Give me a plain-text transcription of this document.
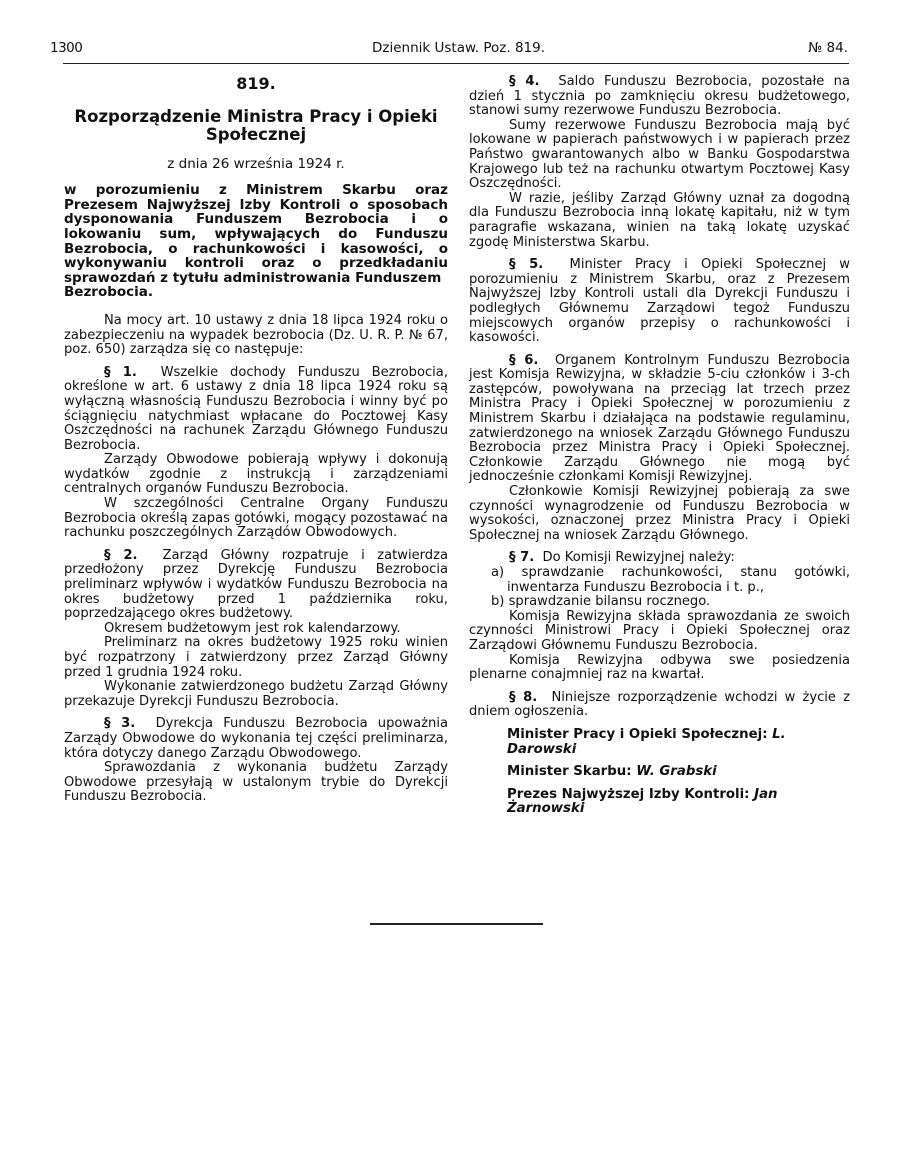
1300	Dziennik Ustaw. Poz. 819.	№ 84.
819.
Rozporządzenie Ministra Pracy i Opieki Społecznej
z dnia 26 września 1924 r.

w porozumieniu z Ministrem Skarbu oraz Prezesem Najwyższej Izby Kontroli o sposobach dysponowania Funduszem Bezrobocia i o lokowaniu sum, wpływających do Funduszu Bezrobocia, o rachunkowości i kasowości, o wykonywaniu kontroli oraz o przedkładaniu sprawozdań z tytułu administrowania Funduszem

Bezrobocia.

Na mocy art. 10 ustawy z dnia 18 lipca 1924 roku o zabezpieczeniu na wypadek bezrobocia (Dz. U. R. P. № 67, poz. 650) zarządza się co następuje:

§ 1. Wszelkie dochody Funduszu Bezrobocia, określone w art. 6 ustawy z dnia 18 lipca 1924 roku są wyłączną własnością Funduszu Bezrobocia i winny być po ściągnięciu natychmiast wpłacane do Pocztowej Kasy Oszczędności na rachunek Zarządu Głównego Funduszu Bezrobocia.

Zarządy Obwodowe pobierają wpływy i dokonują wydatków zgodnie z instrukcją i zarządzeniami centralnych organów Funduszu Bezrobocia.

W szczególności Centralne Organy Funduszu Bezrobocia określą zapas gotówki, mogący pozostawać na rachunku poszczególnych Zarządów Obwodowych.

§ 2. Zarząd Główny rozpatruje i zatwierdza przedłożony przez Dyrekcję Funduszu Bezrobocia preliminarz wpływów i wydatków Funduszu Bezrobocia na okres budżetowy przed 1 października roku, poprzedzającego okres budżetowy.

Okresem budżetowym jest rok kalendarzowy.

Preliminarz na okres budżetowy 1925 roku winien być rozpatrzony i zatwierdzony przez Zarząd Główny przed 1 grudnia 1924 roku.

Wykonanie zatwierdzonego budżetu Zarząd Główny przekazuje Dyrekcji Funduszu Bezrobocia.

§ 3. Dyrekcja Funduszu Bezrobocia upoważnia Zarządy Obwodowe do wykonania tej części preliminarza, która dotyczy danego Zarządu Obwodowego.

Sprawozdania z wykonania budżetu Zarządy Obwodowe przesyłają w ustalonym trybie do Dyrekcji Funduszu Bezrobocia.

§ 4. Saldo Funduszu Bezrobocia, pozostałe na dzień 1 stycznia po zamknięciu okresu budżetowego, stanowi sumy rezerwowe Funduszu Bezrobocia.

Sumy rezerwowe Funduszu Bezrobocia mają być lokowane w papierach państwowych i w papierach przez Państwo gwarantowanych albo w Banku Gospodarstwa Krajowego lub też na rachunku otwartym Pocztowej Kasy Oszczędności.

W razie, jeśliby Zarząd Główny uznał za dogodną dla Funduszu Bezrobocia inną lokatę kapitału, niż w tym paragrafie wskazana, winien na taką lokatę uzyskać zgodę Ministerstwa Skarbu.

§ 5. Minister Pracy i Opieki Społecznej w porozumieniu z Ministrem Skarbu, oraz z Prezesem Najwyższej Izby Kontroli ustali dla Dyrekcji Funduszu i podległych Głównemu Zarządowi tegoż Funduszu miejscowych organów przepisy o rachunkowości i kasowości.

§ 6. Organem Kontrolnym Funduszu Bezrobocia jest Komisja Rewizyjna, w składzie 5-ciu członków i 3-ch zastępców, powoływana na przeciąg lat trzech przez Ministra Pracy i Opieki Społecznej w porozumieniu z Ministrem Skarbu i działająca na podstawie regulaminu, zatwierdzonego na wniosek Zarządu Głównego Funduszu Bezrobocia przez Ministra Pracy i Opieki Społecznej. Członkowie Zarządu Głównego nie mogą być jednocześnie członkami Komisji Rewizyjnej.

Członkowie Komisji Rewizyjnej pobierają za swe czynności wynagrodzenie od Funduszu Bezrobocia w wysokości, oznaczonej przez Ministra Pracy i Opieki Społecznej na wniosek Zarządu Głównego.

§ 7. Do Komisji Rewizyjnej należy:

a) sprawdzanie rachunkowości, stanu gotówki, inwentarza Funduszu Bezrobocia i t. p.,

b) sprawdzanie bilansu rocznego.

Komisja Rewizyjna składa sprawozdania ze swoich czynności Ministrowi Pracy i Opieki Społecznej oraz Zarządowi Głównemu Funduszu Bezrobocia.

Komisja Rewizyjna odbywa swe posiedzenia plenarne conajmniej raz na kwartał.

§ 8. Niniejsze rozporządzenie wchodzi w życie z dniem ogłoszenia.

Minister Pracy i Opieki Społecznej: L. Darowski

Minister Skarbu: W. Grabski

Prezes Najwyższej Izby Kontroli: Jan Żarnowski
